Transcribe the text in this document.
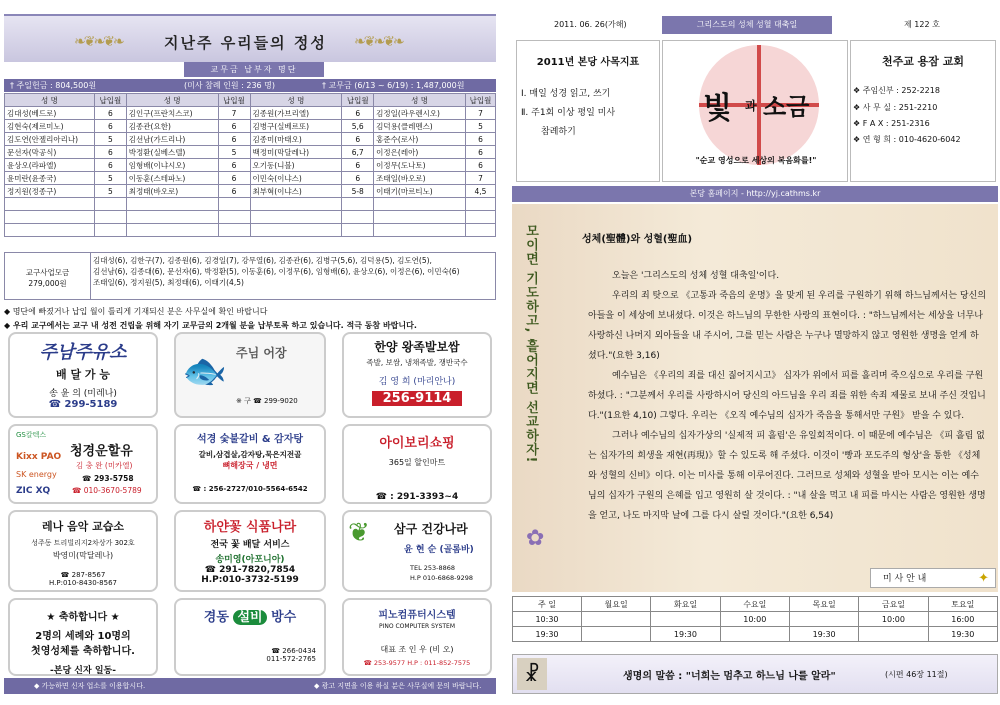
❧❦❧❦❧	지난주 우리들의 정성 ❧❦❧❦❧
교무금 납부자 명단
† 주일헌금 : 804,500원	(미사 참례 인원 : 236 명)	† 교무금 (6/13 ~ 6/19) : 1,487,000원
성 명	납입월	성 명	납입월	성 명	납입월	성 명	납입월
김대성(베드로)	6	김인구(프란치스코)	7	김종원(가브리엘)	6	김정일(라우렌시오)	7
김현숙(제르미노)	6	김종관(요한)	6	김병구(실베르또)	5,6	김덕용(클레멘스)	5
김도연(안젤리아리나)	5	김선남(가드리나)	6	김종미(마태오)	6	홍준수(로사)	6
문선자(막공식)	6	박정환(실베스텔)	5	백정미(막달레나)	6,7	이정은(레아)	6
윤상오(라파엘)	6	임형배(이냐시오)	6	오기동(니블)	6	이정무(도나토)	6
윤미란(윤종국)	5	이동훈(스테파노)	6	이민숙(이냐스)	6	조태일(바오로)	7
정지원(정종구)	5	최정태(바오로)	6	최부혁(이냐스)	5-8	이태기(마르티노)	4,5

교구사업모금
279,000원
김대성(6), 김한구(7), 김종원(6), 김경일(7), 강무열(6), 김종관(6), 김병구(5,6), 김덕용(5), 김도연(5),
김선남(6), 김종대(6), 문선자(6), 박정환(5), 이동훈(6), 이정무(6), 임형배(6), 윤상오(6), 이정은(6), 이민숙(6)
조태일(6), 정지원(5), 최정태(6), 이태기(4,5)
◆ 명단에 빠졌거나 납입 월이 틀리게 기재되신 분은 사무실에 확인 바랍니다
◆ 우리 교구에서는 교구 내 성전 건립을 위해 자기 교무금의 2개월 분을 납부토록 하고 있습니다. 적극 동참 바랍니다.
주남주유소
배 달 가 능
송 윤 의 (미레나)
☎ 299-5189
🐟 주님 어장
※ 구 ☎ 299-9020
한양 왕족발보쌈
족발, 보쌈, 냉채족발, 쟁반국수
김 영 희 (마리안나)
256-9114
GS칼텍스
청경운할유
Kixx PAO
SK energy
ZIC XQ
김 충 완 (미카엘)
☎ 293-5758
☎ 010-3670-5789
석경 숯불갈비 & 감자탕
갈비,삼겹살,감자탕,묵은지전골
뼈해장국 / 냉면
☎ : 256-2727/010-5564-6542
아이보리쇼핑
365일 할인마트
☎ : 291-3393~4
레나 음악 교습소
성주동 트리빌리지2차상가 302호
박영미(막달레나)
☎ 287-8567
H.P:010-8430-8567
하얀꽃 식품나라
전국 꽃 배달 서비스
송미영(아포니아)
☎ 291-7820,7854
H.P:010-3732-5199
❦ 삼구 건강나라
윤 현 순 (골롬바)
TEL 253-8868
H.P 010-6868-9298
★ 축하합니다 ★
2명의 세례와 10명의
첫영성체를 축하합니다.
-본당 신자 일동-
경동 설비 방수
☎ 266-0434
011-572-2765
피노컴퓨터시스템
PINO COMPUTER SYSTEM
대표 조 인 우 (비 오)
☎ 253-9577 H.P : 011-852-7575
◆ 가능하면 신자 업소를 이용합시다.	◆ 광고 지면을 이용 하실 분은 사무실에 문의 바랍니다.
2011. 06. 26(가해)	그리스도의 성체 성혈 대축일	제 122 호
2011년 본당 사목지표
Ⅰ. 매일 성경 읽고, 쓰기
Ⅱ. 주1회 이상 평일 미사
참례하기
빛 과 소금
"순교 영성으로 세상의 복음화를!"
천주교 용잠 교회
❖ 주임신부 : 252-2218
❖ 사 무 실 : 251-2210
❖ F A X : 251-2316
❖ 연 형 희 : 010-4620-6042
본당 홈페이지 - http://yj.cathms.kr
모이면 기도하고, 흩어지면 선교하자!
✿
성체(聖體)와 성혈(聖血)

오늘은 '그리스도의 성체 성혈 대축일'이다.

우리의 죄 탓으로 《고통과 죽음의 운명》을 맞게 된 우리를 구원하기 위해 하느님께서는 당신의 아들을 이 세상에 보내셨다. 이것은 하느님의 무한한 사랑의 표현이다. : "하느님께서는 세상을 너무나 사랑하신 나머지 외아들을 내 주시어, 그를 믿는 사람은 누구나 멸망하지 않고 영원한 생명을 얻게 하셨다."(요한 3,16)

예수님은 《우리의 죄를 대신 짊어지시고》 십자가 위에서 피를 흘리며 죽으심으로 우리를 구원하셨다. : "그분께서 우리를 사랑하시어 당신의 아드님을 우리 죄를 위한 속죄 제물로 보내 주신 것입니다."(1요한 4,10) 그렇다. 우리는 《오직 예수님의 십자가 죽음을 통해서만 구원》 받을 수 있다.

그러나 예수님의 십자가상의 '실제적 피 흘림'은 유일회적이다. 이 때문에 예수님은 《피 흘림 없는 십자가의 희생을 재현(再現)》할 수 있도록 해 주셨다. 이것이 '빵과 포도주의 형상'을 통한 《성체와 성혈의 신비》이다. 이는 미사를 통해 이루어진다. 그러므로 성체와 성혈을 받아 모시는 이는 예수님의 십자가 구원의 은혜를 입고 영원히 살 것이다. : "내 살을 먹고 내 피를 마시는 사람은 영원한 생명을 얻고, 나도 마지막 날에 그를 다시 살릴 것이다."(요한 6,54)

미 사 안 내	✦
주 일	월요일	화요일	수요일	목요일	금요일	토요일
10:30			10:00		10:00	16:00
19:30		19:30		19:30		19:30
☧	생명의 말씀 : "너희는 멈추고 하느님 나를 알라"	(시편 46장 11절)
